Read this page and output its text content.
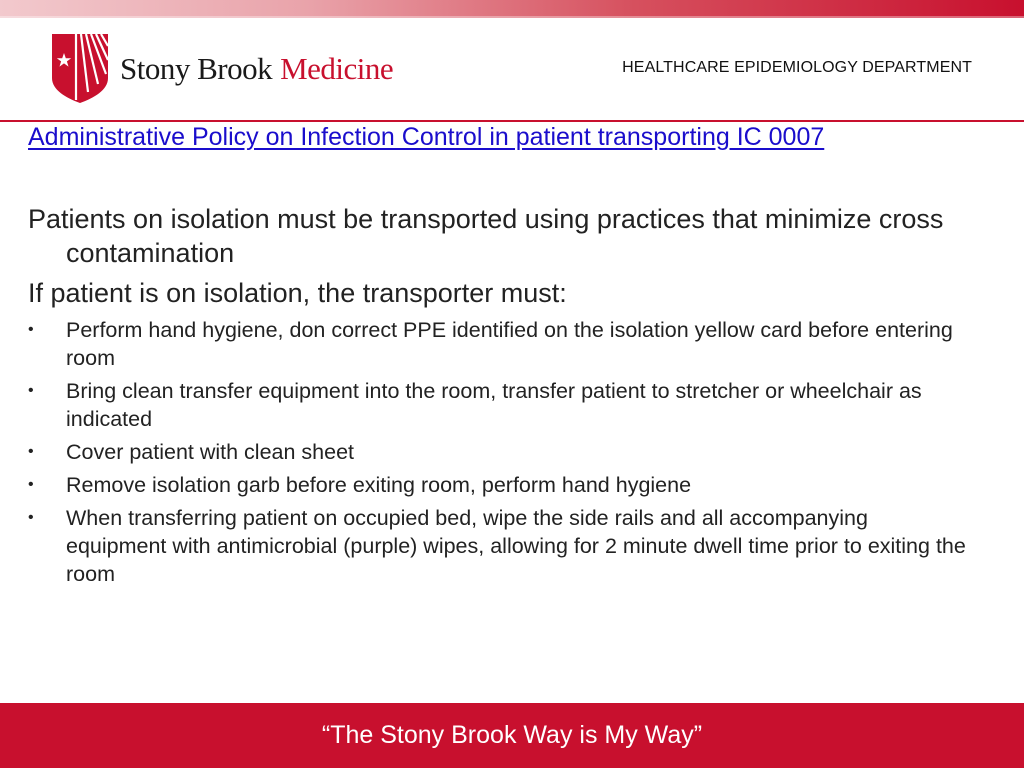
Stony Brook Medicine	HEALTHCARE EPIDEMIOLOGY DEPARTMENT
Administrative Policy on Infection Control in patient transporting IC 0007

Patients on isolation must be transported using practices that minimize cross contamination

If patient is on isolation, the transporter must:

• Perform hand hygiene, don correct PPE identified on the isolation yellow card before entering room
• Bring clean transfer equipment into the room, transfer patient to stretcher or wheelchair as indicated
• Cover patient with clean sheet
• Remove isolation garb before exiting room, perform hand hygiene
• When transferring patient on occupied bed, wipe the side rails and all accompanying equipment with antimicrobial (purple) wipes, allowing for 2 minute dwell time prior to exiting the room
“The Stony Brook Way is My Way”
